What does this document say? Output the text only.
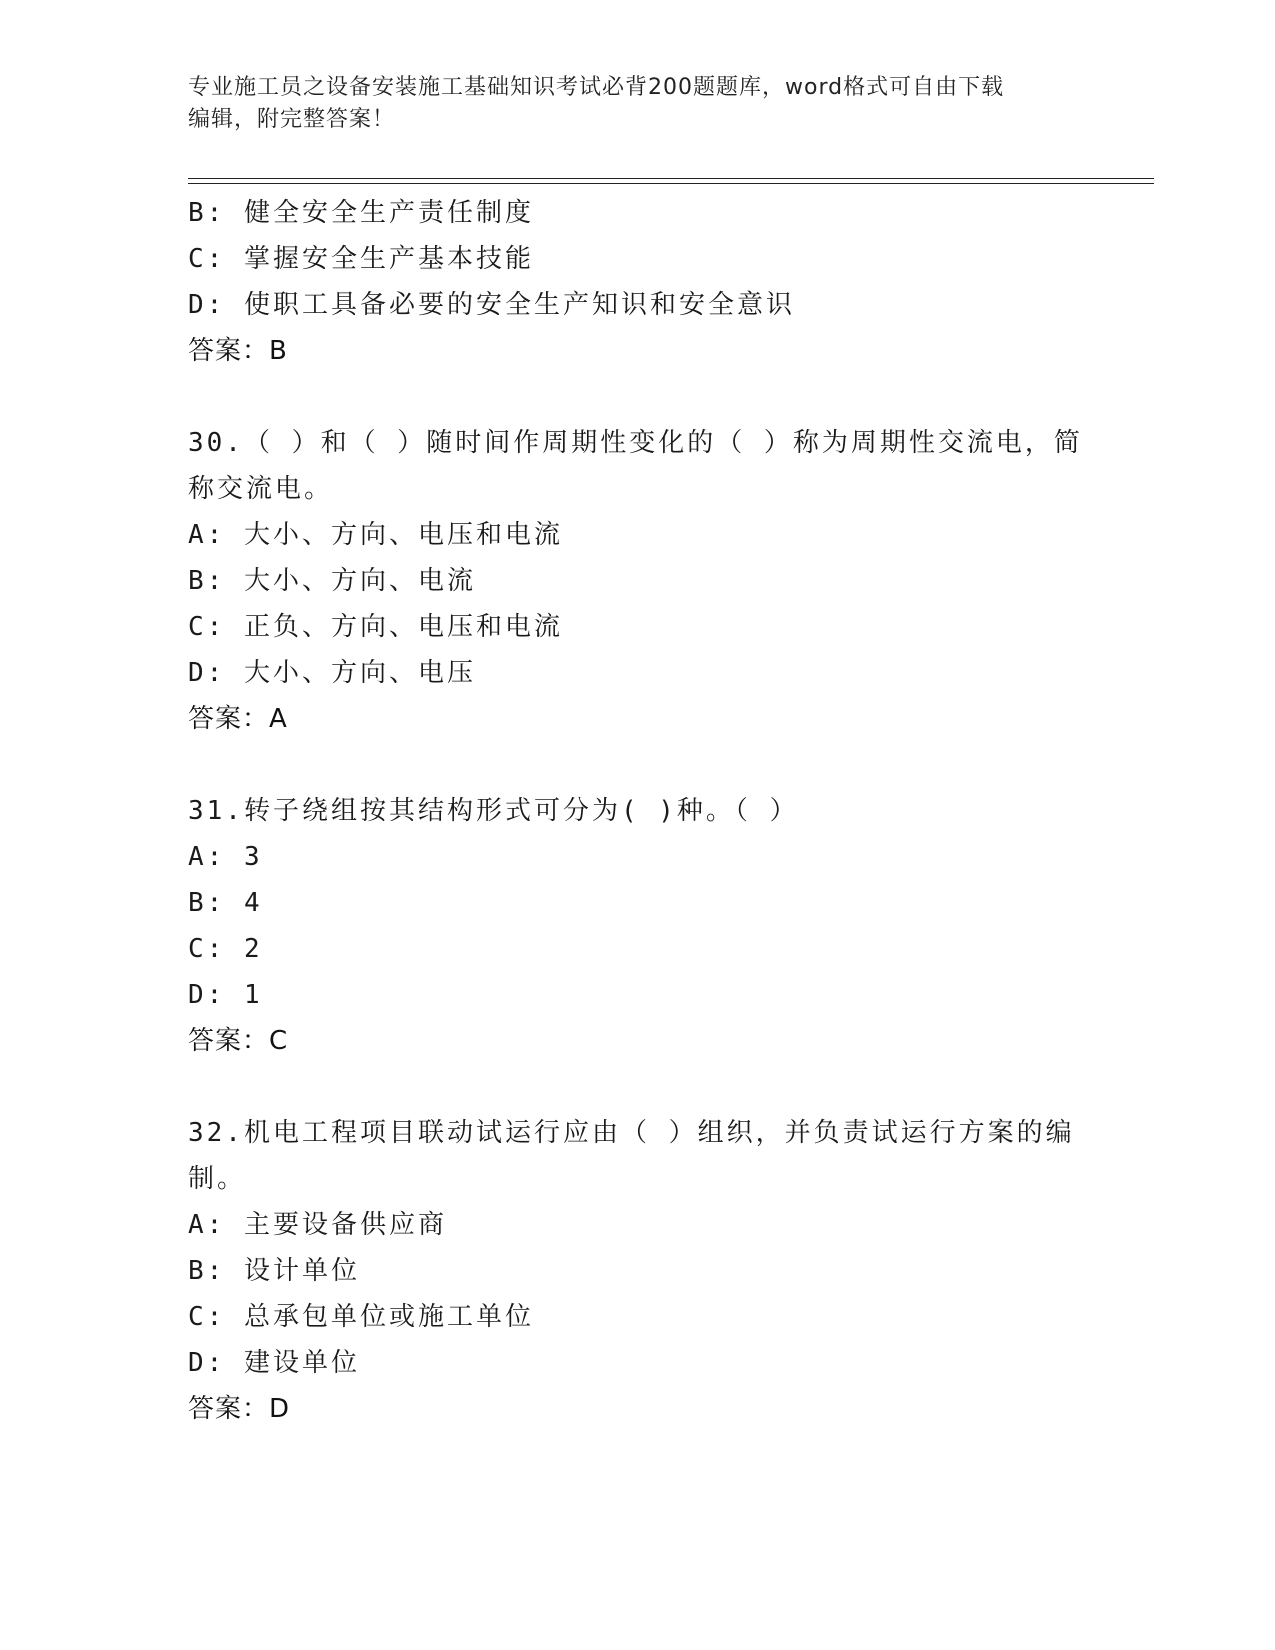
专业施工员之设备安装施工基础知识考试必背200题题库，word格式可自由下载
编辑，附完整答案！
B: 健全安全生产责任制度
C: 掌握安全生产基本技能
D: 使职工具备必要的安全生产知识和安全意识
答案：B
30.（ ）和（ ）随时间作周期性变化的（ ）称为周期性交流电，简
称交流电。
A: 大小、方向、电压和电流
B: 大小、方向、电流
C: 正负、方向、电压和电流
D: 大小、方向、电压
答案：A
31.转子绕组按其结构形式可分为( )种。（ ）
A: 3
B: 4
C: 2
D: 1
答案：C
32.机电工程项目联动试运行应由（ ）组织，并负责试运行方案的编
制。
A: 主要设备供应商
B: 设计单位
C: 总承包单位或施工单位
D: 建设单位
答案：D
